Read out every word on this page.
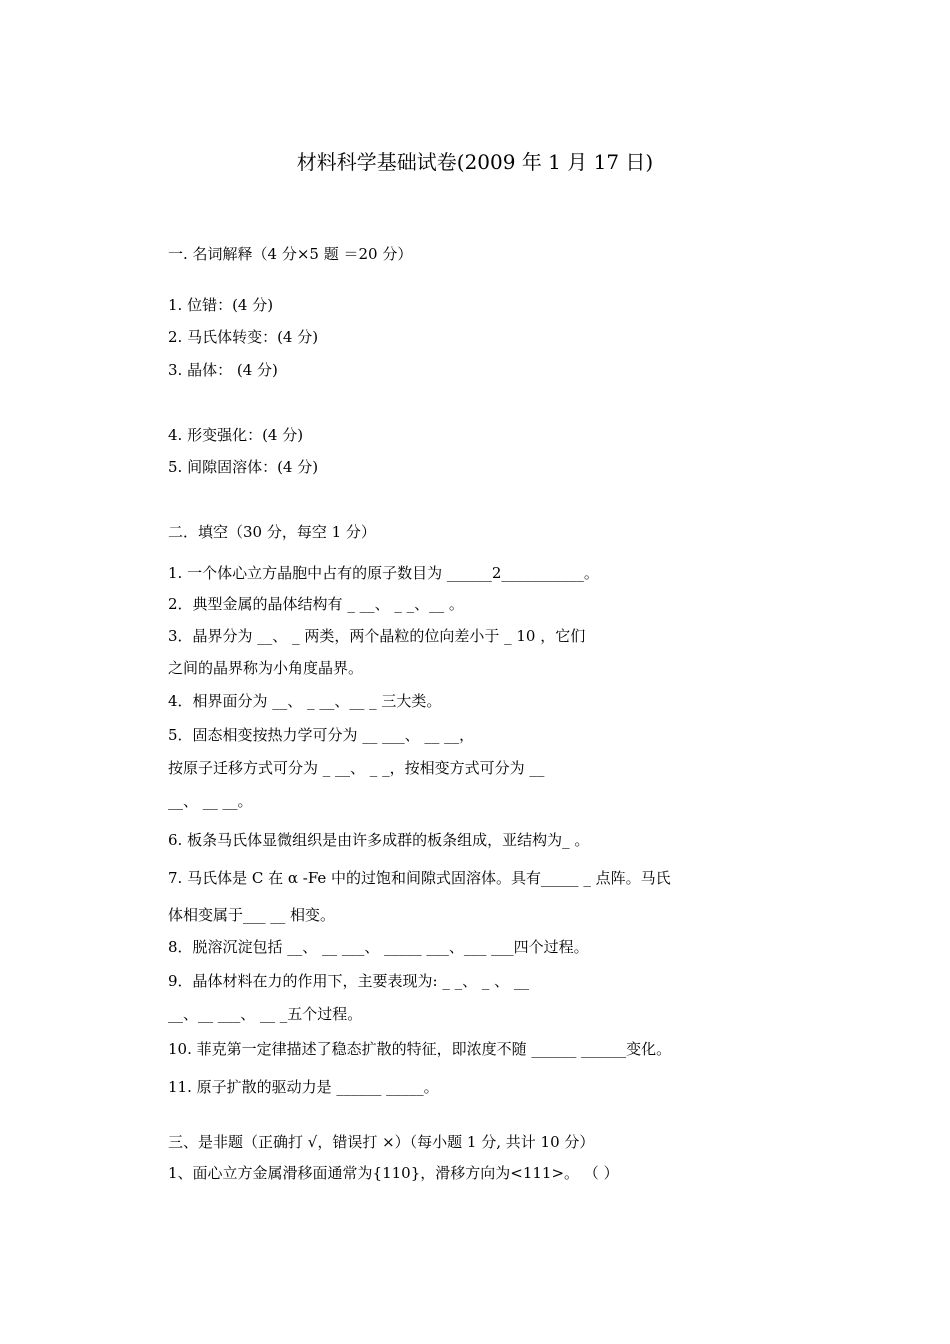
材料科学基础试卷(2009 年 1 月 17 日)
一. 名词解释（4 分×5 题 ＝20 分）
1. 位错：(4 分)
2. 马氏体转变：(4 分)
3. 晶体： (4 分)
4. 形变强化：(4 分)
5. 间隙固溶体：(4 分)
二．填空（30 分，每空 1 分）
1. 一个体心立方晶胞中占有的原子数目为 ______2___________。
2．典型金属的晶体结构有 _ __、 _ _、__ 。
3．晶界分为 __、 _ 两类，两个晶粒的位向差小于 _ 10 ，它们
之间的晶界称为小角度晶界。
4．相界面分为 __、 _ __、__ _ 三大类。
5．固态相变按热力学可分为 __ ___、 __ __，
按原子迁移方式可分为 _ __、 _ _，按相变方式可分为 __
__、 __ __。
6. 板条马氏体显微组织是由许多成群的板条组成，亚结构为_ 。
7. 马氏体是 C 在 α -Fe 中的过饱和间隙式固溶体。具有_____ _ 点阵。马氏
体相变属于___ __ 相变。
8．脱溶沉淀包括 __、 __ ___、 _____ ___、___ ___四个过程。
9．晶体材料在力的作用下，主要表现为: _ _、 _ 、 __
__、__ ___、 __ _五个过程。
10. 菲克第一定律描述了稳态扩散的特征，即浓度不随 ______ ______变化。
11. 原子扩散的驱动力是 ______ _____。
三、是非题（正确打 √，错误打 ×）（每小题 1 分, 共计 10 分）
1、面心立方金属滑移面通常为{110}，滑移方向为<111>。 （ ）
